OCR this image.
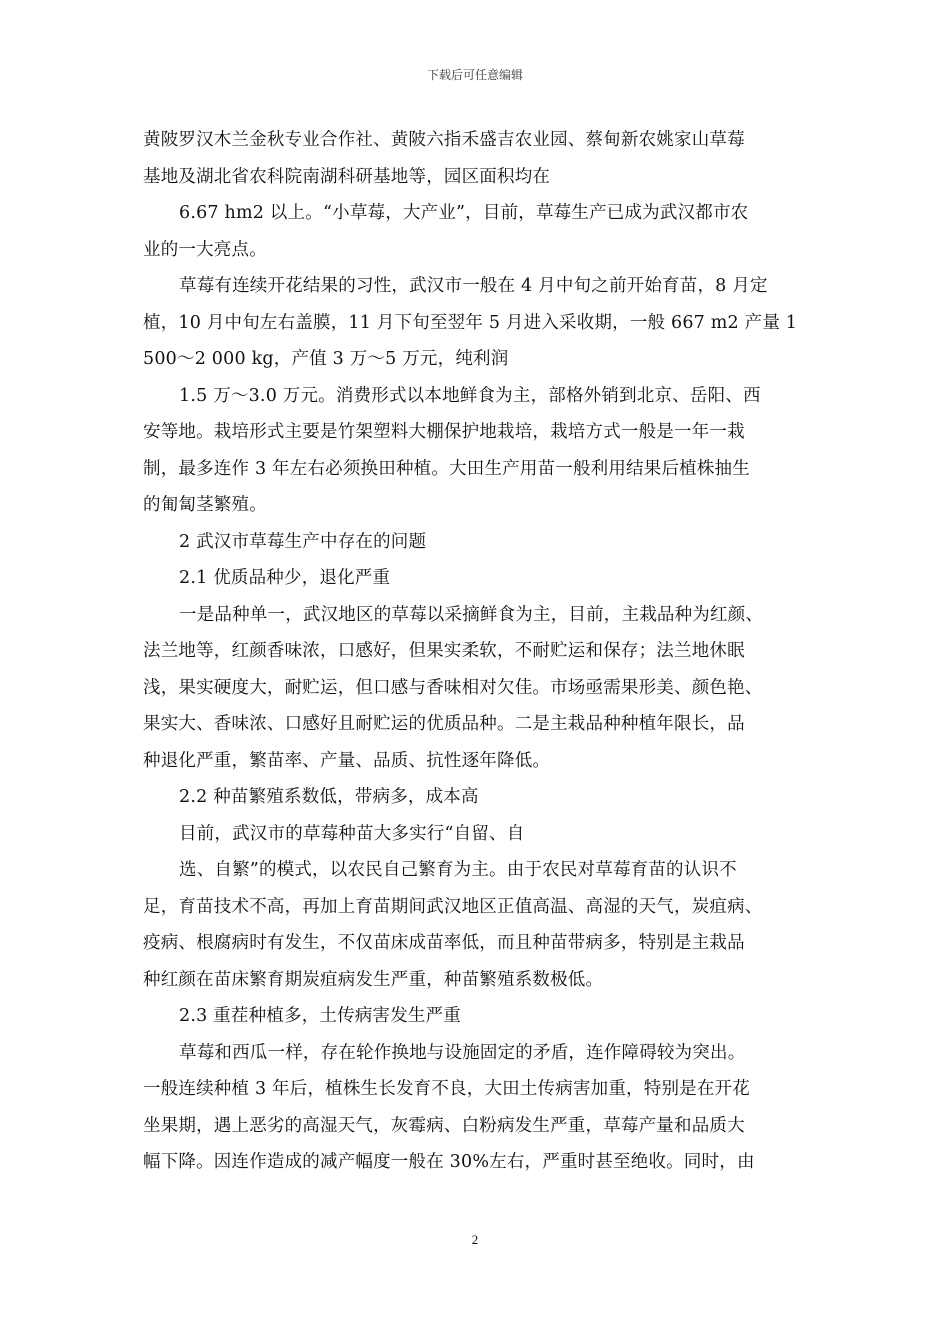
下载后可任意编辑
黄陂罗汉木兰金秋专业合作社、黄陂六指禾盛吉农业园、蔡甸新农姚家山草莓
基地及湖北省农科院南湖科研基地等，园区面积均在
6.67 hm2 以上。“小草莓，大产业”，目前，草莓生产已成为武汉都市农
业的一大亮点。
草莓有连续开花结果的习性，武汉市一般在 4 月中旬之前开始育苗，8 月定
植，10 月中旬左右盖膜，11 月下旬至翌年 5 月进入采收期，一般 667 m2 产量 1
500～2 000 kg，产值 3 万～5 万元，纯利润
1.5 万～3.0 万元。消费形式以本地鲜食为主，部格外销到北京、岳阳、西
安等地。栽培形式主要是竹架塑料大棚保护地栽培，栽培方式一般是一年一栽
制，最多连作 3 年左右必须换田种植。大田生产用苗一般利用结果后植株抽生
的匍匐茎繁殖。
2 武汉市草莓生产中存在的问题
2.1 优质品种少，退化严重
一是品种单一，武汉地区的草莓以采摘鲜食为主，目前，主栽品种为红颜、
法兰地等，红颜香味浓，口感好，但果实柔软，不耐贮运和保存；法兰地休眠
浅，果实硬度大，耐贮运，但口感与香味相对欠佳。市场亟需果形美、颜色艳、
果实大、香味浓、口感好且耐贮运的优质品种。二是主栽品种种植年限长，品
种退化严重，繁苗率、产量、品质、抗性逐年降低。
2.2 种苗繁殖系数低，带病多，成本高
目前，武汉市的草莓种苗大多实行“自留、自
选、自繁”的模式，以农民自己繁育为主。由于农民对草莓育苗的认识不
足，育苗技术不高，再加上育苗期间武汉地区正值高温、高湿的天气，炭疽病、
疫病、根腐病时有发生，不仅苗床成苗率低，而且种苗带病多，特别是主栽品
种红颜在苗床繁育期炭疽病发生严重，种苗繁殖系数极低。
2.3 重茬种植多，土传病害发生严重
草莓和西瓜一样，存在轮作换地与设施固定的矛盾，连作障碍较为突出。
一般连续种植 3 年后，植株生长发育不良，大田土传病害加重，特别是在开花
坐果期，遇上恶劣的高湿天气，灰霉病、白粉病发生严重，草莓产量和品质大
幅下降。因连作造成的减产幅度一般在 30%左右，严重时甚至绝收。同时，由
2
